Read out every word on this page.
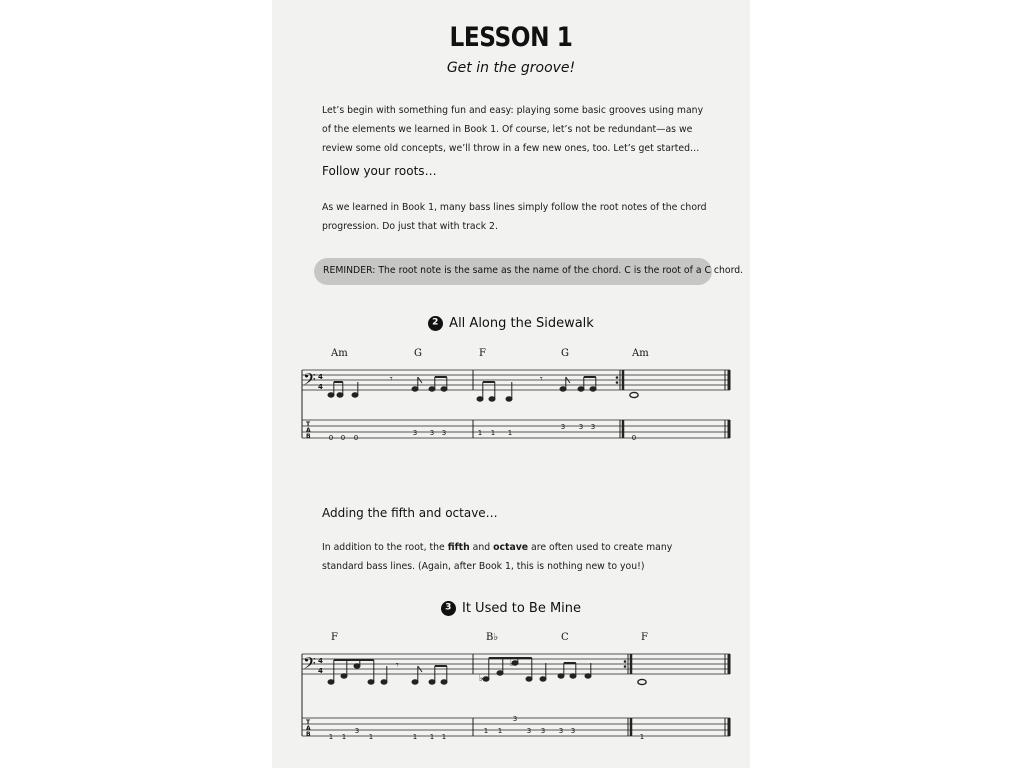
LESSON 1
Get in the groove!
Let’s begin with something fun and easy: playing some basic grooves using many of the elements we learned in Book 1. Of course, let’s not be redundant—as we review some old concepts, we’ll throw in a few new ones, too. Let’s get started…
Follow your roots…
As we learned in Book 1, many bass lines simply follow the root notes of the chord progression. Do just that with track 2.
REMINDER: The root note is the same as the name of the chord. C is the root of a C chord.
2 All Along the Sidewalk
Am	G	F	G	Am
𝄢 4
4
𝄾	𝄾
T
A
B	0 0 0
3 3 3	1 1 1
3 3 3
0
Adding the fifth and octave…
In addition to the root, the fifth and octave are often used to create many standard bass lines. (Again, after Book 1, this is nothing new to you!)
3 It Used to Be Mine
F	B♭	C	F
𝄢 4
4
♭
♭
𝄾
T
A
B	1 1
3
1	1 1 1
1 1
3
3 3 3 3
1
